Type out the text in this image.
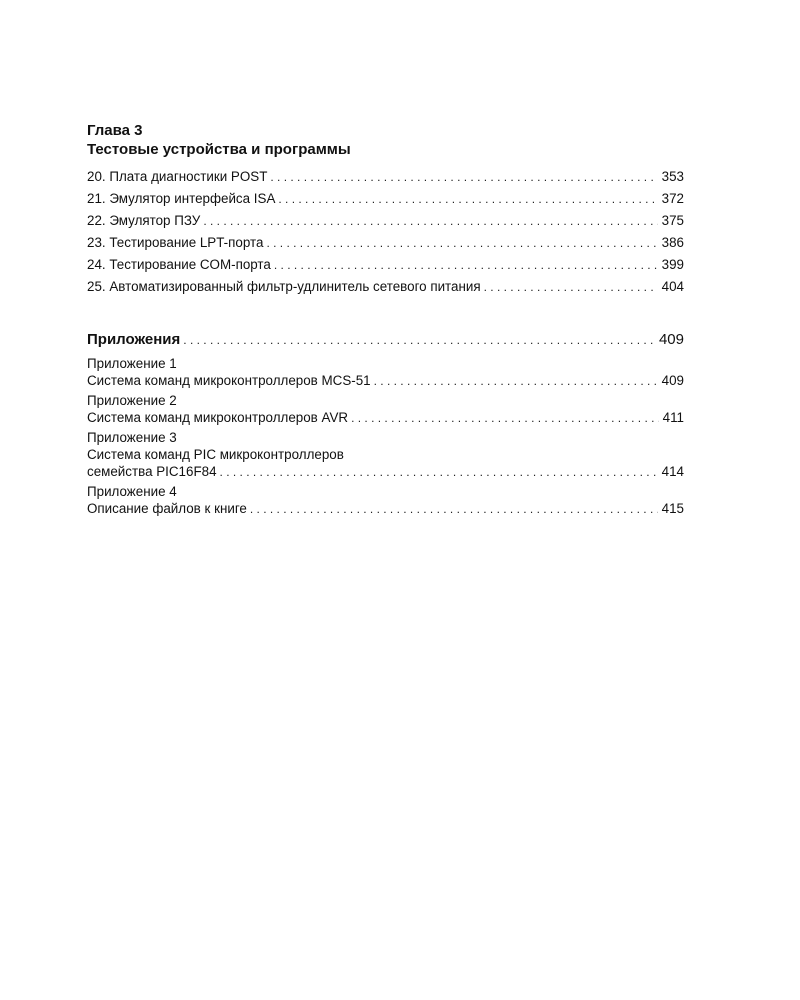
Глава 3
Тестовые устройства и программы
20. Плата диагностики POST . . .	353
21. Эмулятор интерфейса ISA . . .	372
22. Эмулятор ПЗУ . . .	375
23. Тестирование LPT-порта . . .	386
24. Тестирование COM-порта . . .	399
25. Автоматизированный фильтр-удлинитель сетевого питания . . .	404
Приложения . . .	409
Приложение 1
Система команд микроконтроллеров MCS-51 . . .	409
Приложение 2
Система команд микроконтроллеров AVR . . .	411
Приложение 3
Система команд PIC микроконтроллеров
семейства PIC16F84 . . .	414
Приложение 4
Описание файлов к книге . . .	415
